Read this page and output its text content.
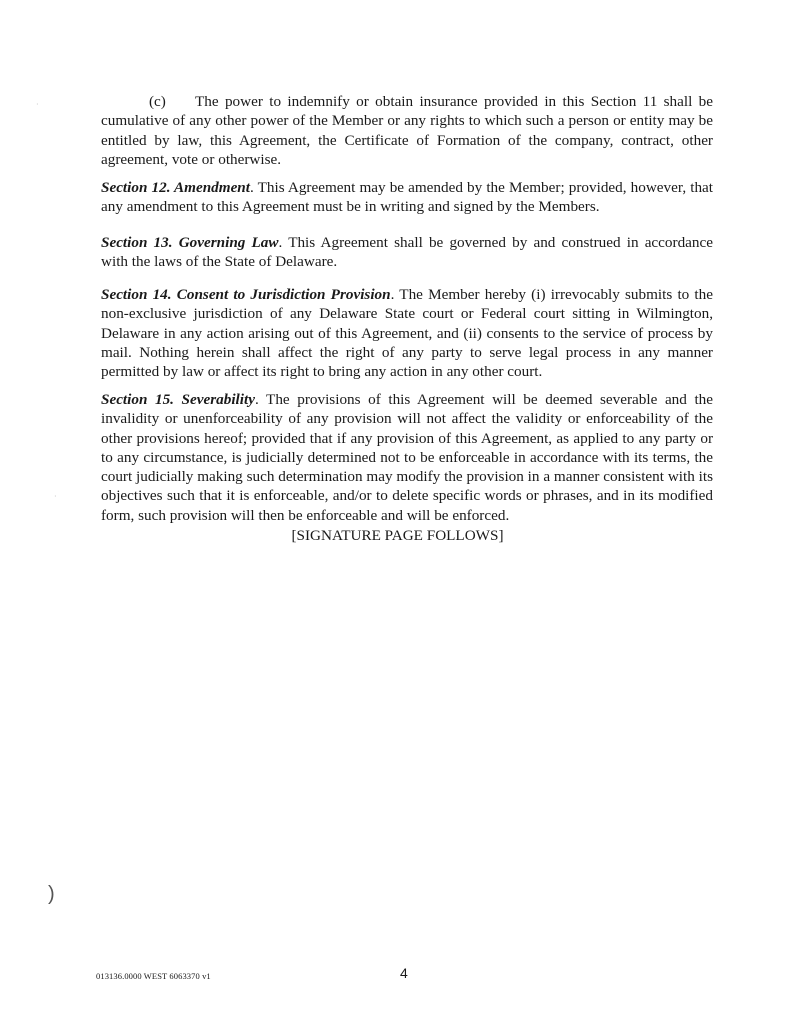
(c) The power to indemnify or obtain insurance provided in this Section 11 shall be cumulative of any other power of the Member or any rights to which such a person or entity may be entitled by law, this Agreement, the Certificate of Formation of the company, contract, other agreement, vote or otherwise.

Section 12. Amendment. This Agreement may be amended by the Member; provided, however, that any amendment to this Agreement must be in writing and signed by the Members.

Section 13. Governing Law. This Agreement shall be governed by and construed in accordance with the laws of the State of Delaware.

Section 14. Consent to Jurisdiction Provision. The Member hereby (i) irrevocably submits to the non-exclusive jurisdiction of any Delaware State court or Federal court sitting in Wilmington, Delaware in any action arising out of this Agreement, and (ii) consents to the service of process by mail. Nothing herein shall affect the right of any party to serve legal process in any manner permitted by law or affect its right to bring any action in any other court.

Section 15. Severability. The provisions of this Agreement will be deemed severable and the invalidity or unenforceability of any provision will not affect the validity or enforceability of the other provisions hereof; provided that if any provision of this Agreement, as applied to any party or to any circumstance, is judicially determined not to be enforceable in accordance with its terms, the court judicially making such determination may modify the provision in a manner consistent with its objectives such that it is enforceable, and/or to delete specific words or phrases, and in its modified form, such provision will then be enforceable and will be enforced.

[SIGNATURE PAGE FOLLOWS]
013136.0000 WEST 6063370 v1	4
)
·
·
